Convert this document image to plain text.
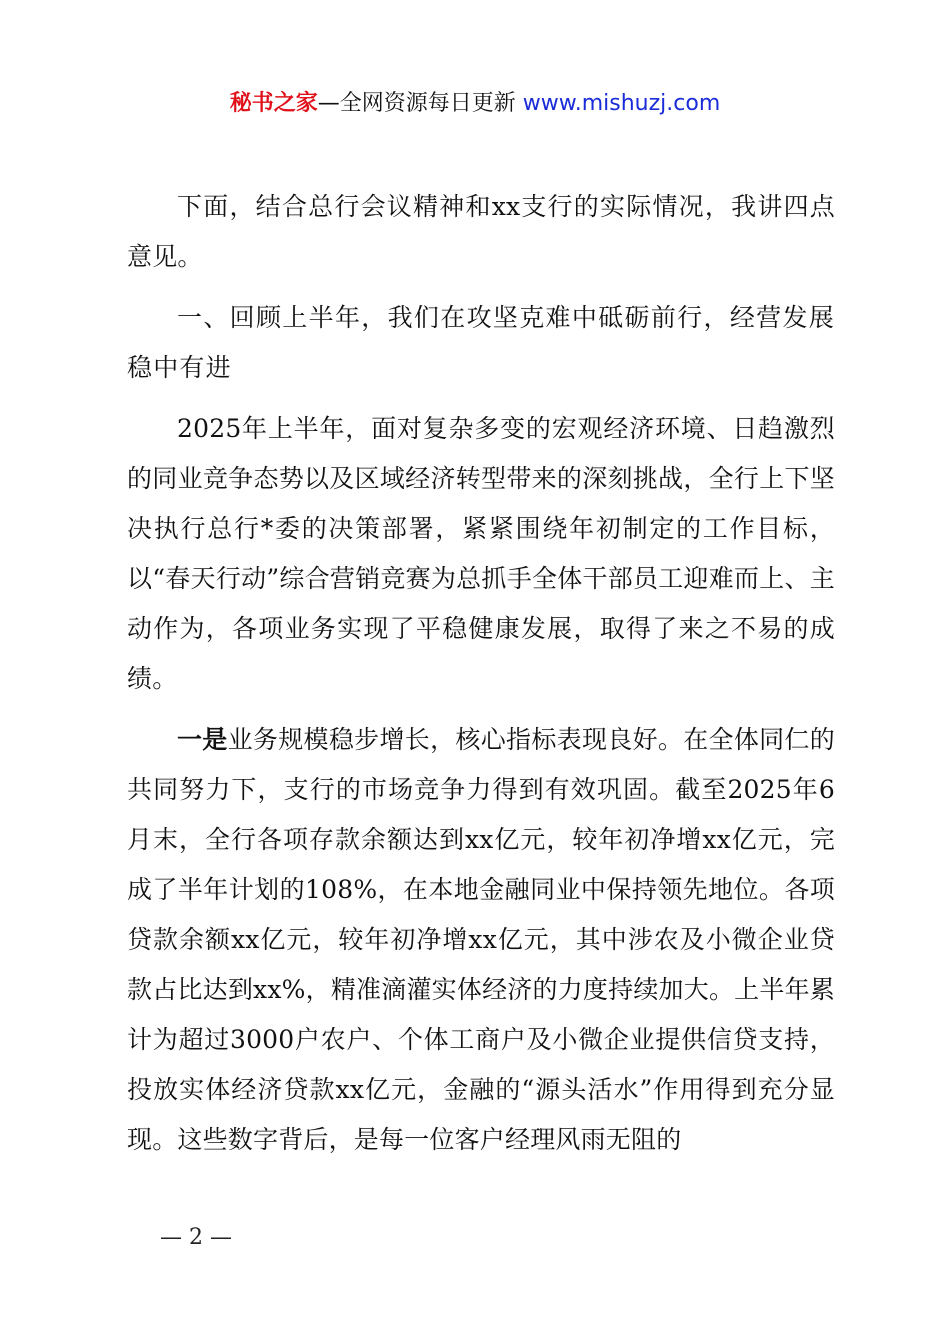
秘书之家—全网资源每日更新 www.mishuzj.com

下面，结合总行会议精神和xx支行的实际情况，我讲四点意见。

一、回顾上半年，我们在攻坚克难中砥砺前行，经营发展稳中有进

2025年上半年，面对复杂多变的宏观经济环境、日趋激烈的同业竞争态势以及区域经济转型带来的深刻挑战，全行上下坚决执行总行*委的决策部署，紧紧围绕年初制定的工作目标，以“春天行动”综合营销竞赛为总抓手全体干部员工迎难而上、主动作为，各项业务实现了平稳健康发展，取得了来之不易的成绩。

一是业务规模稳步增长，核心指标表现良好。在全体同仁的共同努力下，支行的市场竞争力得到有效巩固。截至2025年6月末，全行各项存款余额达到xx亿元，较年初净增xx亿元，完成了半年计划的108%，在本地金融同业中保持领先地位。各项贷款余额xx亿元，较年初净增xx亿元，其中涉农及小微企业贷款占比达到xx%，精准滴灌实体经济的力度持续加大。上半年累计为超过3000户农户、个体工商户及小微企业提供信贷支持，投放实体经济贷款xx亿元，金融的“源头活水”作用得到充分显现。这些数字背后，是每一位客户经理风雨无阻的

— 2 —
